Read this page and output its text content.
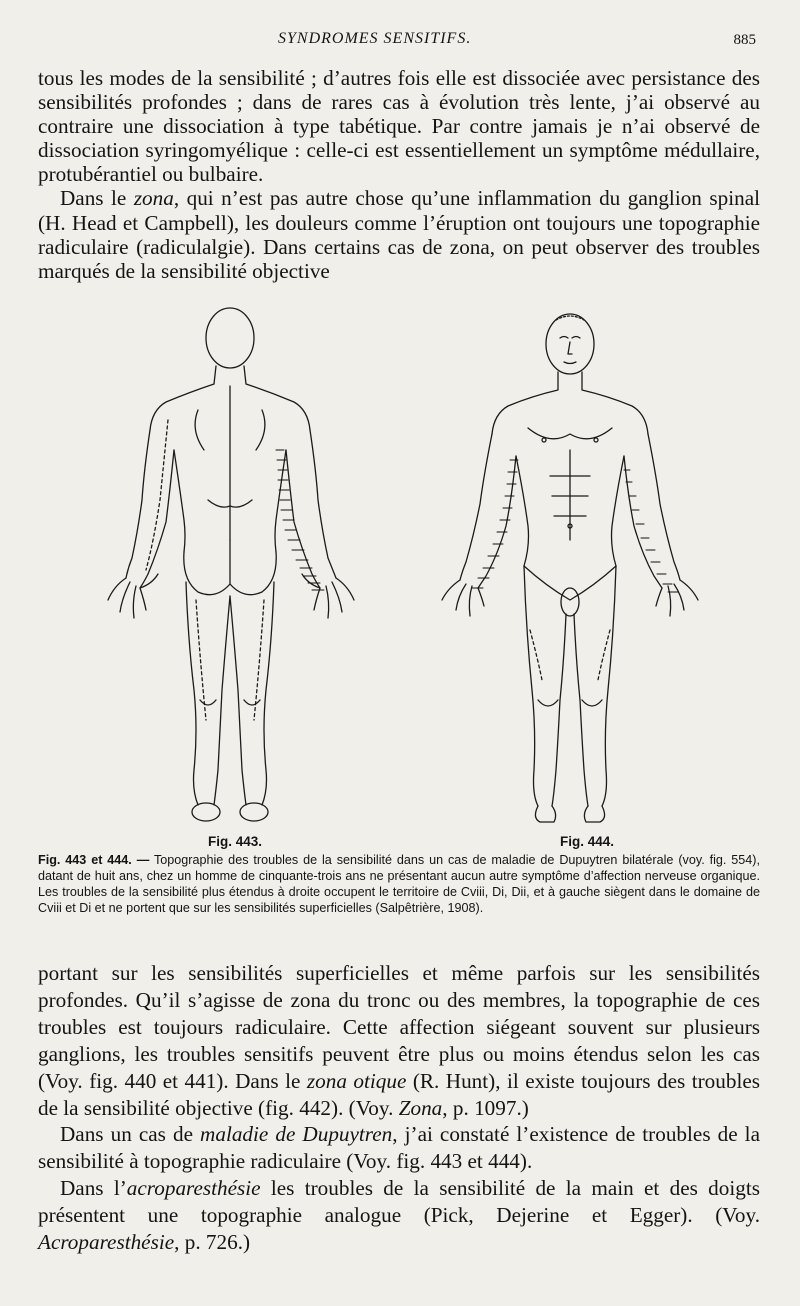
SYNDROMES SENSITIFS.	885

tous les modes de la sensibilité ; d’autres fois elle est dissociée avec persistance des sensibilités profondes ; dans de rares cas à évolution très lente, j’ai observé au contraire une dissociation à type tabétique. Par contre jamais je n’ai observé de dissociation syringomyélique : celle-ci est essentiellement un symptôme médullaire, protubérantiel ou bulbaire.

Dans le zona, qui n’est pas autre chose qu’une inflammation du ganglion spinal (H. Head et Campbell), les douleurs comme l’éruption ont toujours une topographie radiculaire (radiculalgie). Dans certains cas de zona, on peut observer des troubles marqués de la sensibilité objective

Fig. 443.	Fig. 444.
Fig. 443 et 444. — Topographie des troubles de la sensibilité dans un cas de maladie de Dupuytren bilatérale (voy. fig. 554), datant de huit ans, chez un homme de cinquante-trois ans ne présentant aucun autre symptôme d’affection nerveuse organique. Les troubles de la sensibilité plus étendus à droite occupent le territoire de Cviii, Di, Dii, et à gauche siègent dans le domaine de Cviii et Di et ne portent que sur les sensibilités superficielles (Salpêtrière, 1908).

portant sur les sensibilités superficielles et même parfois sur les sensibilités profondes. Qu’il s’agisse de zona du tronc ou des membres, la topographie de ces troubles est toujours radiculaire. Cette affection siégeant souvent sur plusieurs ganglions, les troubles sensitifs peuvent être plus ou moins étendus selon les cas (Voy. fig. 440 et 441). Dans le zona otique (R. Hunt), il existe toujours des troubles de la sensibilité objective (fig. 442). (Voy. Zona, p. 1097.)

Dans un cas de maladie de Dupuytren, j’ai constaté l’existence de troubles de la sensibilité à topographie radiculaire (Voy. fig. 443 et 444).

Dans l’acroparesthésie les troubles de la sensibilité de la main et des doigts présentent une topographie analogue (Pick, Dejerine et Egger). (Voy. Acroparesthésie, p. 726.)
